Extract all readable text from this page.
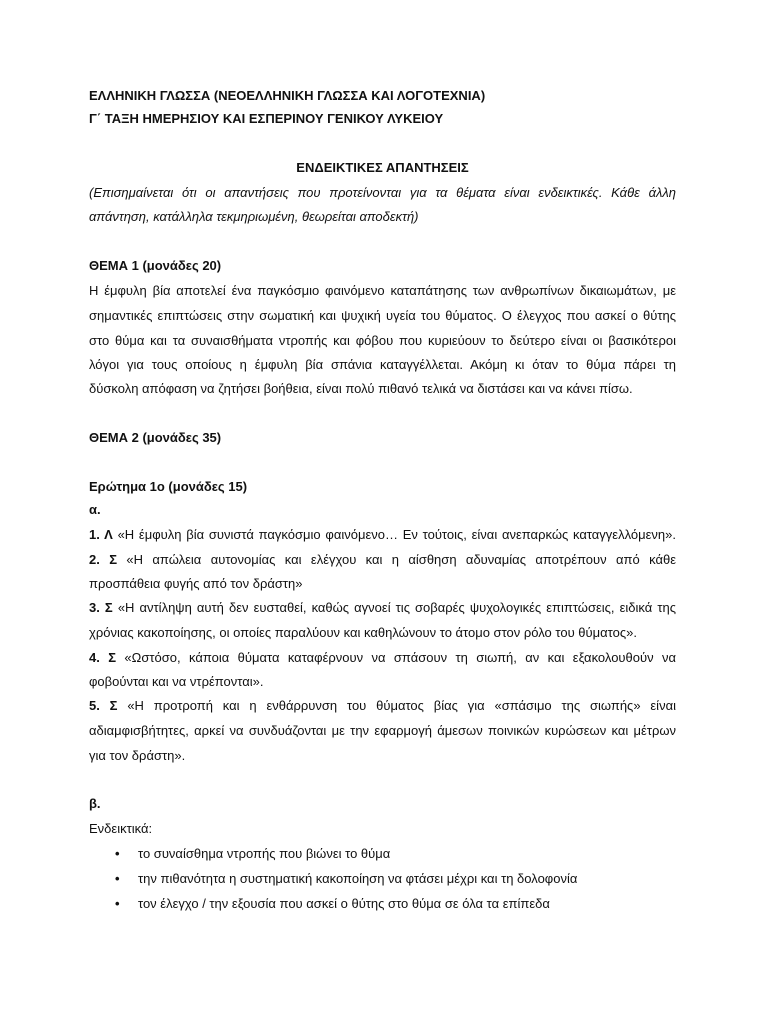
ΕΛΛΗΝΙΚΗ ΓΛΩΣΣΑ (ΝΕΟΕΛΛΗΝΙΚΗ ΓΛΩΣΣΑ ΚΑΙ ΛΟΓΟΤΕΧΝΙΑ)
Γ΄ ΤΑΞΗ ΗΜΕΡΗΣΙΟΥ ΚΑΙ ΕΣΠΕΡΙΝΟΥ ΓΕΝΙΚΟΥ ΛΥΚΕΙΟΥ
ΕΝΔΕΙΚΤΙΚΕΣ ΑΠΑΝΤΗΣΕΙΣ
(Επισημαίνεται ότι οι απαντήσεις που προτείνονται για τα θέματα είναι ενδεικτικές. Κάθε άλλη
απάντηση, κατάλληλα τεκμηριωμένη, θεωρείται αποδεκτή)
ΘΕΜΑ 1 (μονάδες 20)
Η έμφυλη βία αποτελεί ένα παγκόσμιο φαινόμενο καταπάτησης των ανθρωπίνων δικαιωμάτων, με
σημαντικές επιπτώσεις στην σωματική και ψυχική υγεία του θύματος. Ο έλεγχος που ασκεί ο θύτης
στο θύμα και τα συναισθήματα ντροπής και φόβου που κυριεύουν το δεύτερο είναι οι βασικότεροι
λόγοι για τους οποίους η έμφυλη βία σπάνια καταγγέλλεται. Ακόμη κι όταν το θύμα πάρει τη
δύσκολη απόφαση να ζητήσει βοήθεια, είναι πολύ πιθανό τελικά να διστάσει και να κάνει πίσω.
ΘΕΜΑ 2 (μονάδες 35)
Ερώτημα 1ο (μονάδες 15)
α.
1. Λ «Η έμφυλη βία συνιστά παγκόσμιο φαινόμενο… Εν τούτοις, είναι ανεπαρκώς καταγγελλόμενη».
2. Σ «Η απώλεια αυτονομίας και ελέγχου και η αίσθηση αδυναμίας αποτρέπουν από κάθε
προσπάθεια φυγής από τον δράστη»
3. Σ «Η αντίληψη αυτή δεν ευσταθεί, καθώς αγνοεί τις σοβαρές ψυχολογικές επιπτώσεις, ειδικά της
χρόνιας κακοποίησης, οι οποίες παραλύουν και καθηλώνουν το άτομο στον ρόλο του θύματος».
4. Σ «Ωστόσο, κάποια θύματα καταφέρνουν να σπάσουν τη σιωπή, αν και εξακολουθούν να
φοβούνται και να ντρέπονται».
5. Σ «Η προτροπή και η ενθάρρυνση του θύματος βίας για «σπάσιμο της σιωπής» είναι
αδιαμφισβήτητες, αρκεί να συνδυάζονται με την εφαρμογή άμεσων ποινικών κυρώσεων και μέτρων
για τον δράστη».
β.
Ενδεικτικά:
•	το συναίσθημα ντροπής που βιώνει το θύμα
•	την πιθανότητα η συστηματική κακοποίηση να φτάσει μέχρι και τη δολοφονία
•	τον έλεγχο / την εξουσία που ασκεί ο θύτης στο θύμα σε όλα τα επίπεδα
